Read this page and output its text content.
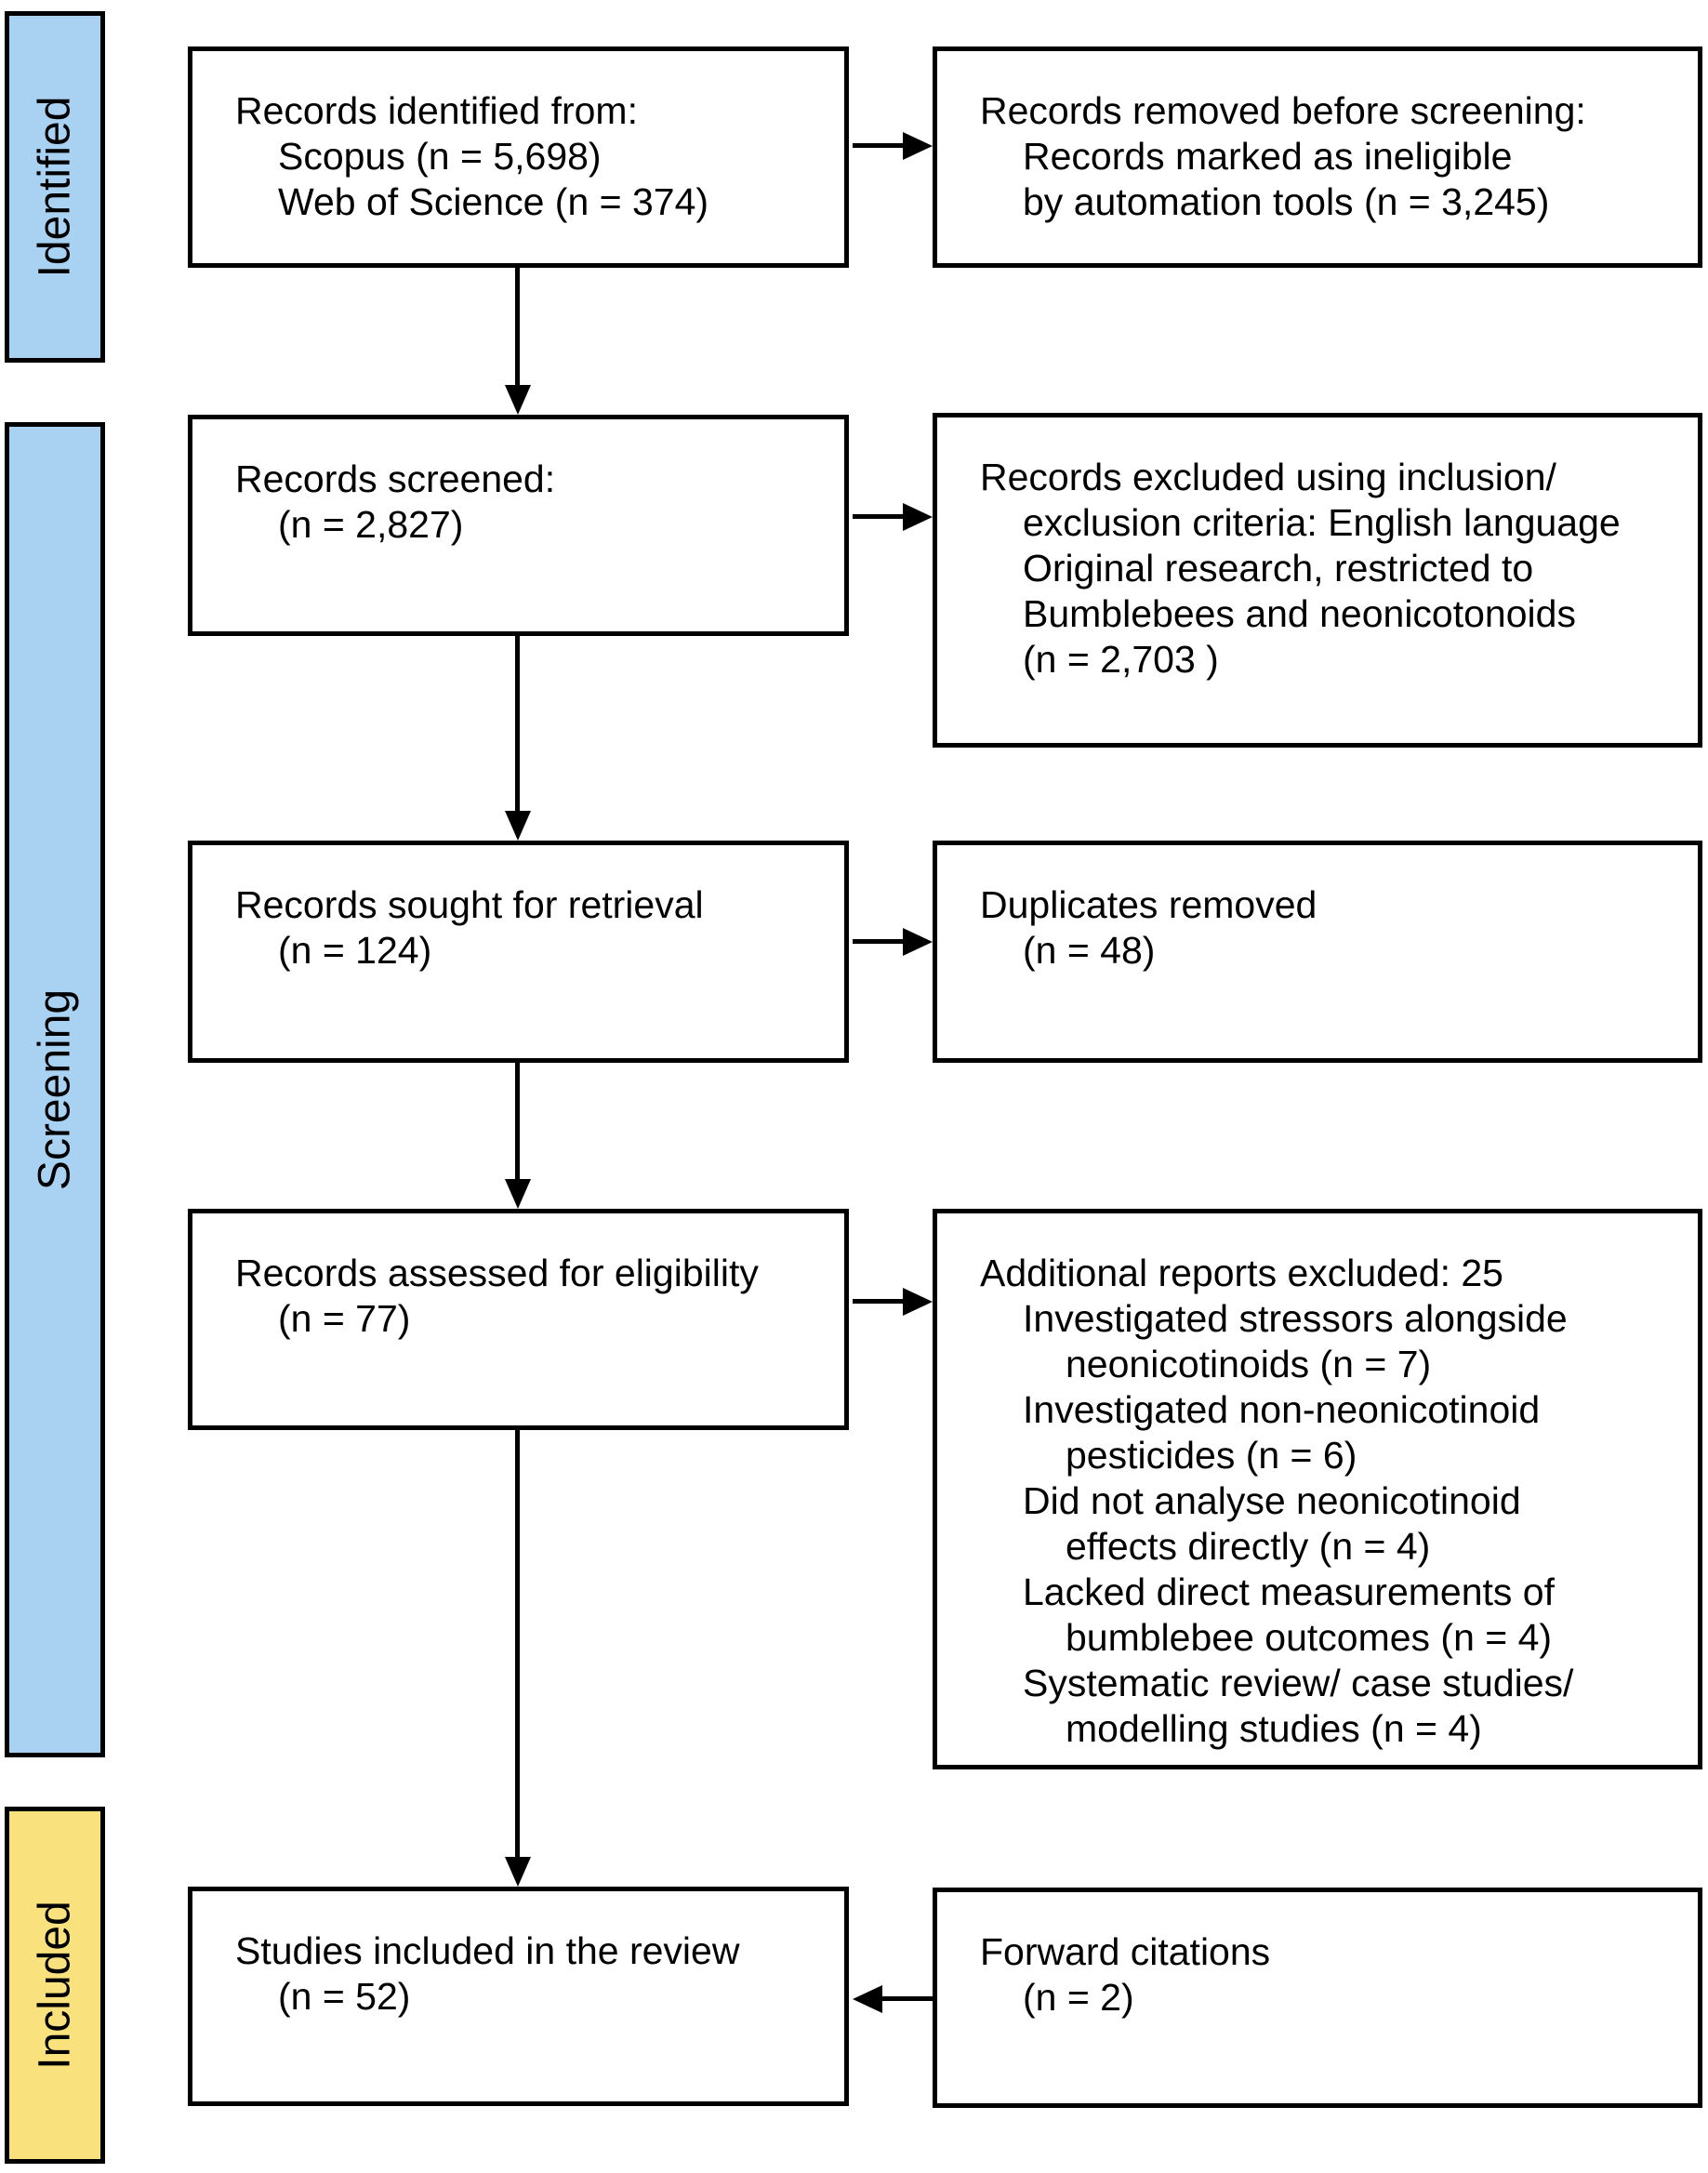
Identified
Screening
Included
Records identified from:
Scopus (n = 5,698)
Web of Science (n = 374)
Records screened:
(n = 2,827)
Records sought for retrieval
(n = 124)
Records assessed for eligibility
(n = 77)
Studies included in the review
(n = 52)
Records removed before screening:
Records marked as ineligible
by automation tools (n = 3,245)
Records excluded using inclusion/
exclusion criteria: English language
Original research, restricted to
Bumblebees and neonicotonoids
(n = 2,703 )
Duplicates removed
(n = 48)
Additional reports excluded: 25
Investigated stressors alongside
neonicotinoids (n = 7)
Investigated non-neonicotinoid
pesticides (n = 6)
Did not analyse neonicotinoid
effects directly (n = 4)
Lacked direct measurements of
bumblebee outcomes (n = 4)
Systematic review/ case studies/
modelling studies (n = 4)
Forward citations
(n = 2)
